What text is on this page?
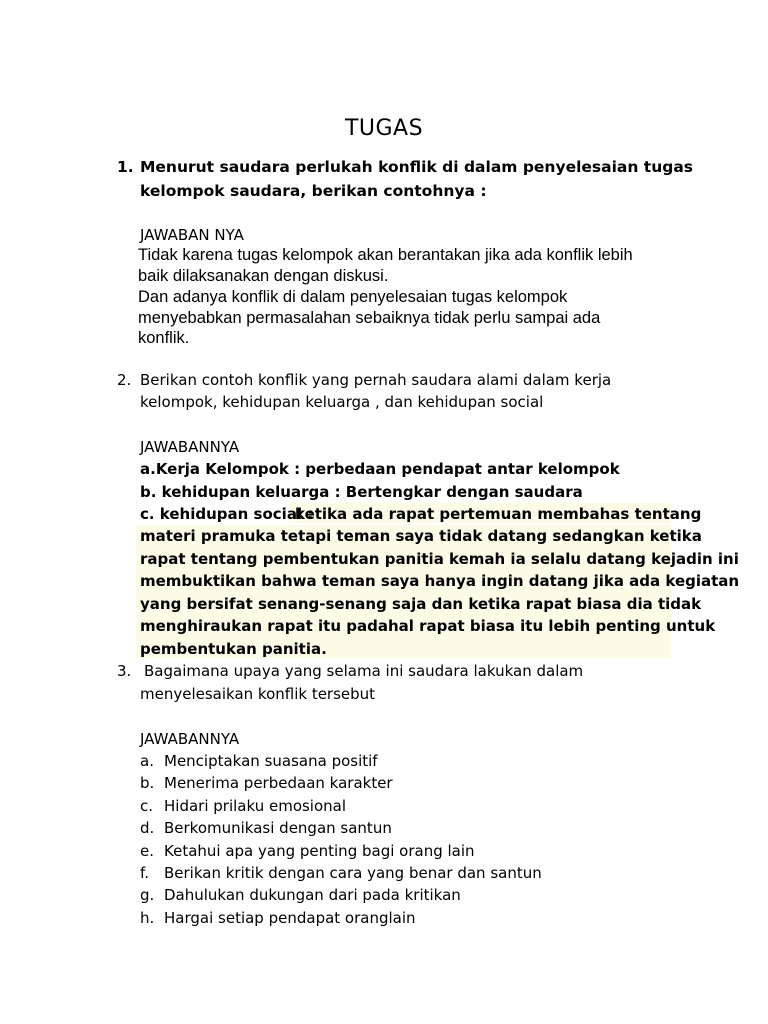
TUGAS
1. Menurut saudara perlukah konflik di dalam penyelesaian tugas
kelompok saudara, berikan contohnya :
JAWABAN NYA
Tidak karena tugas kelompok akan berantakan jika ada konflik lebih
baik dilaksanakan dengan diskusi.
Dan adanya konflik di dalam penyelesaian tugas kelompok
menyebabkan permasalahan sebaiknya tidak perlu sampai ada
konflik.
2. Berikan contoh konflik yang pernah saudara alami dalam kerja
kelompok, kehidupan keluarga , dan kehidupan social
JAWABANNYA
a.Kerja Kelompok : perbedaan pendapat antar kelompok
b. kehidupan keluarga : Bertengkar dengan saudara
c. kehidupan social :
ketika ada rapat pertemuan membahas tentang
materi pramuka tetapi teman saya tidak datang sedangkan ketika
rapat tentang pembentukan panitia kemah ia selalu datang kejadin ini
membuktikan bahwa teman saya hanya ingin datang jika ada kegiatan
yang bersifat senang-senang saja dan ketika rapat biasa dia tidak
menghiraukan rapat itu padahal rapat biasa itu lebih penting untuk
pembentukan panitia.
3. Bagaimana upaya yang selama ini saudara lakukan dalam
menyelesaikan konflik tersebut
JAWABANNYA
a. Menciptakan suasana positif
b. Menerima perbedaan karakter
c. Hidari prilaku emosional
d. Berkomunikasi dengan santun
e. Ketahui apa yang penting bagi orang lain
f. Berikan kritik dengan cara yang benar dan santun
g. Dahulukan dukungan dari pada kritikan
h. Hargai setiap pendapat oranglain
